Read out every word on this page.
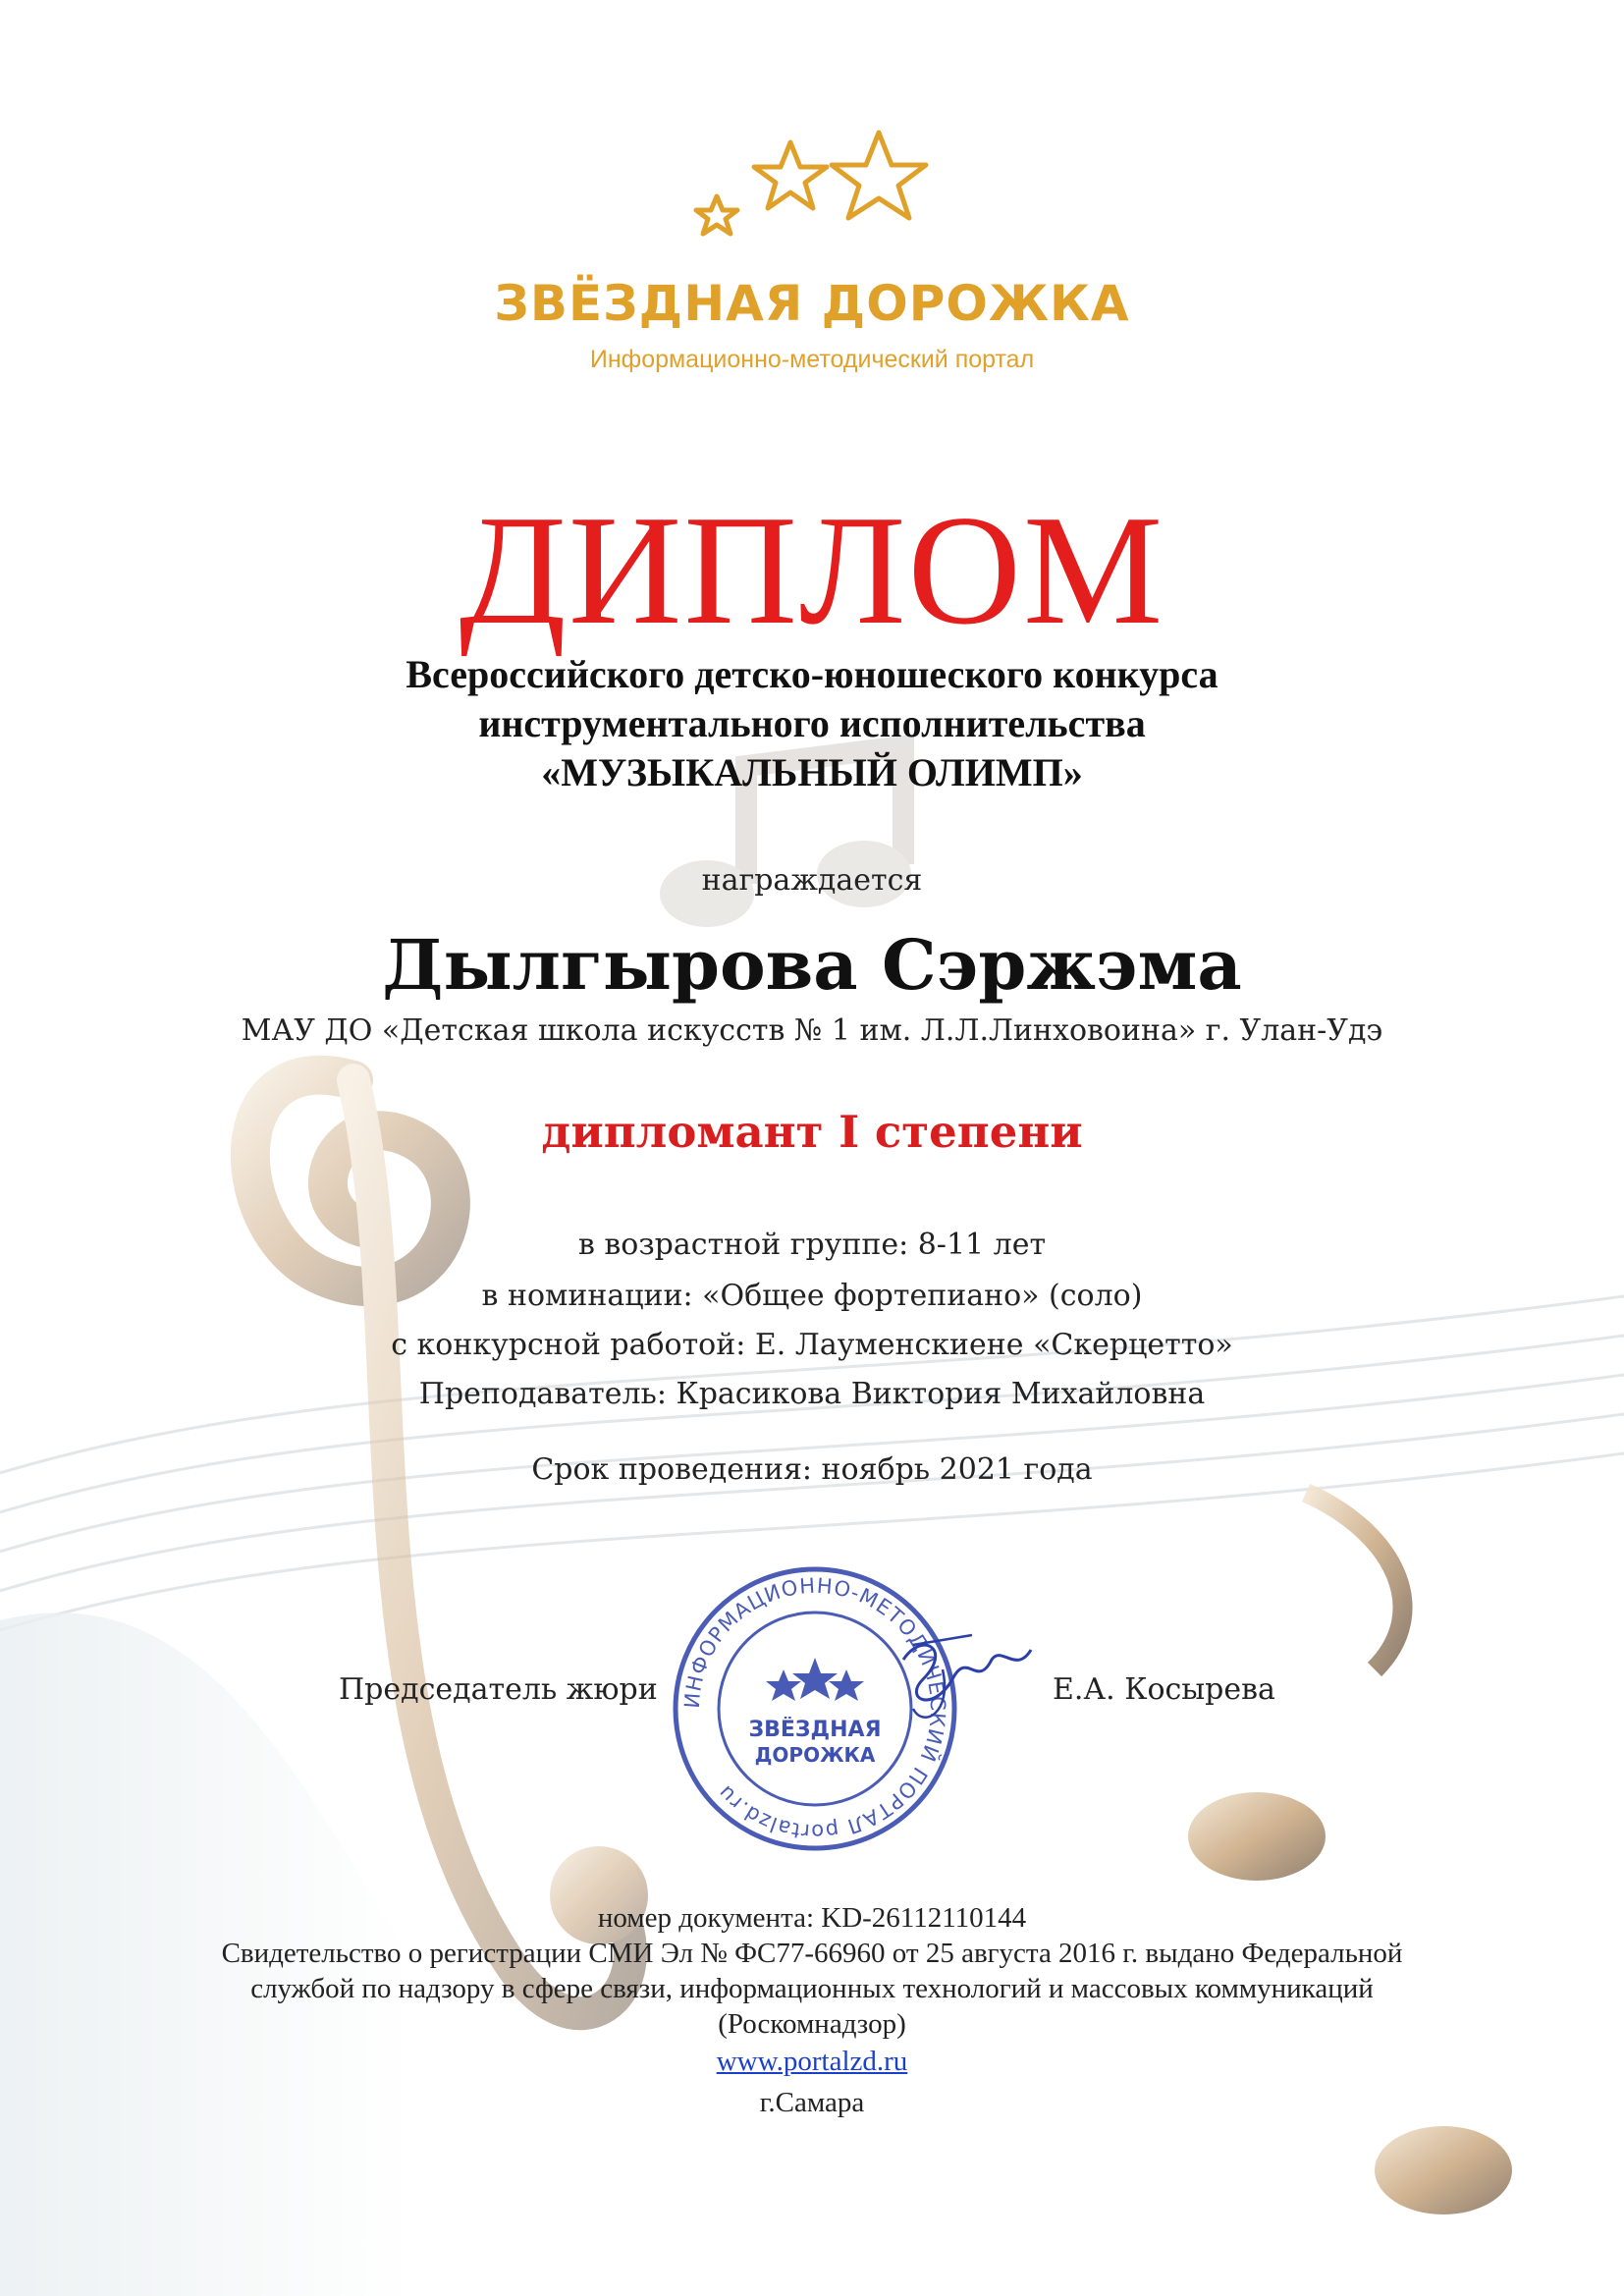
ЗВЁЗДНАЯ ДОРОЖКА
Информационно-методический портал
ДИПЛОМ
Всероссийского детско-юношеского конкурса
инструментального исполнительства
«МУЗЫКАЛЬНЫЙ ОЛИМП»
награждается
Дылгырова Сэржэма
МАУ ДО «Детская школа искусств № 1 им. Л.Л.Линховоина» г. Улан-Удэ
дипломант I степени
в возрастной группе: 8-11 лет
в номинации: «Общее фортепиано» (соло)
с конкурсной работой: Е. Лауменскиене «Скерцетто»
Преподаватель: Красикова Виктория Михайловна
Срок проведения: ноябрь 2021 года
ИНФОРМАЦИОННО-МЕТОДИЧЕСКИЙ ПОРТАЛ portalzd.ru
ЗВЁЗДНАЯ
ДОРОЖКА
Председатель жюри	Е.А. Косырева
номер документа: KD-26112110144
Свидетельство о регистрации СМИ Эл № ФС77-66960 от 25 августа 2016 г. выдано Федеральной
службой по надзору в сфере связи, информационных технологий и массовых коммуникаций
(Роскомнадзор)
www.portalzd.ru
г.Самара
